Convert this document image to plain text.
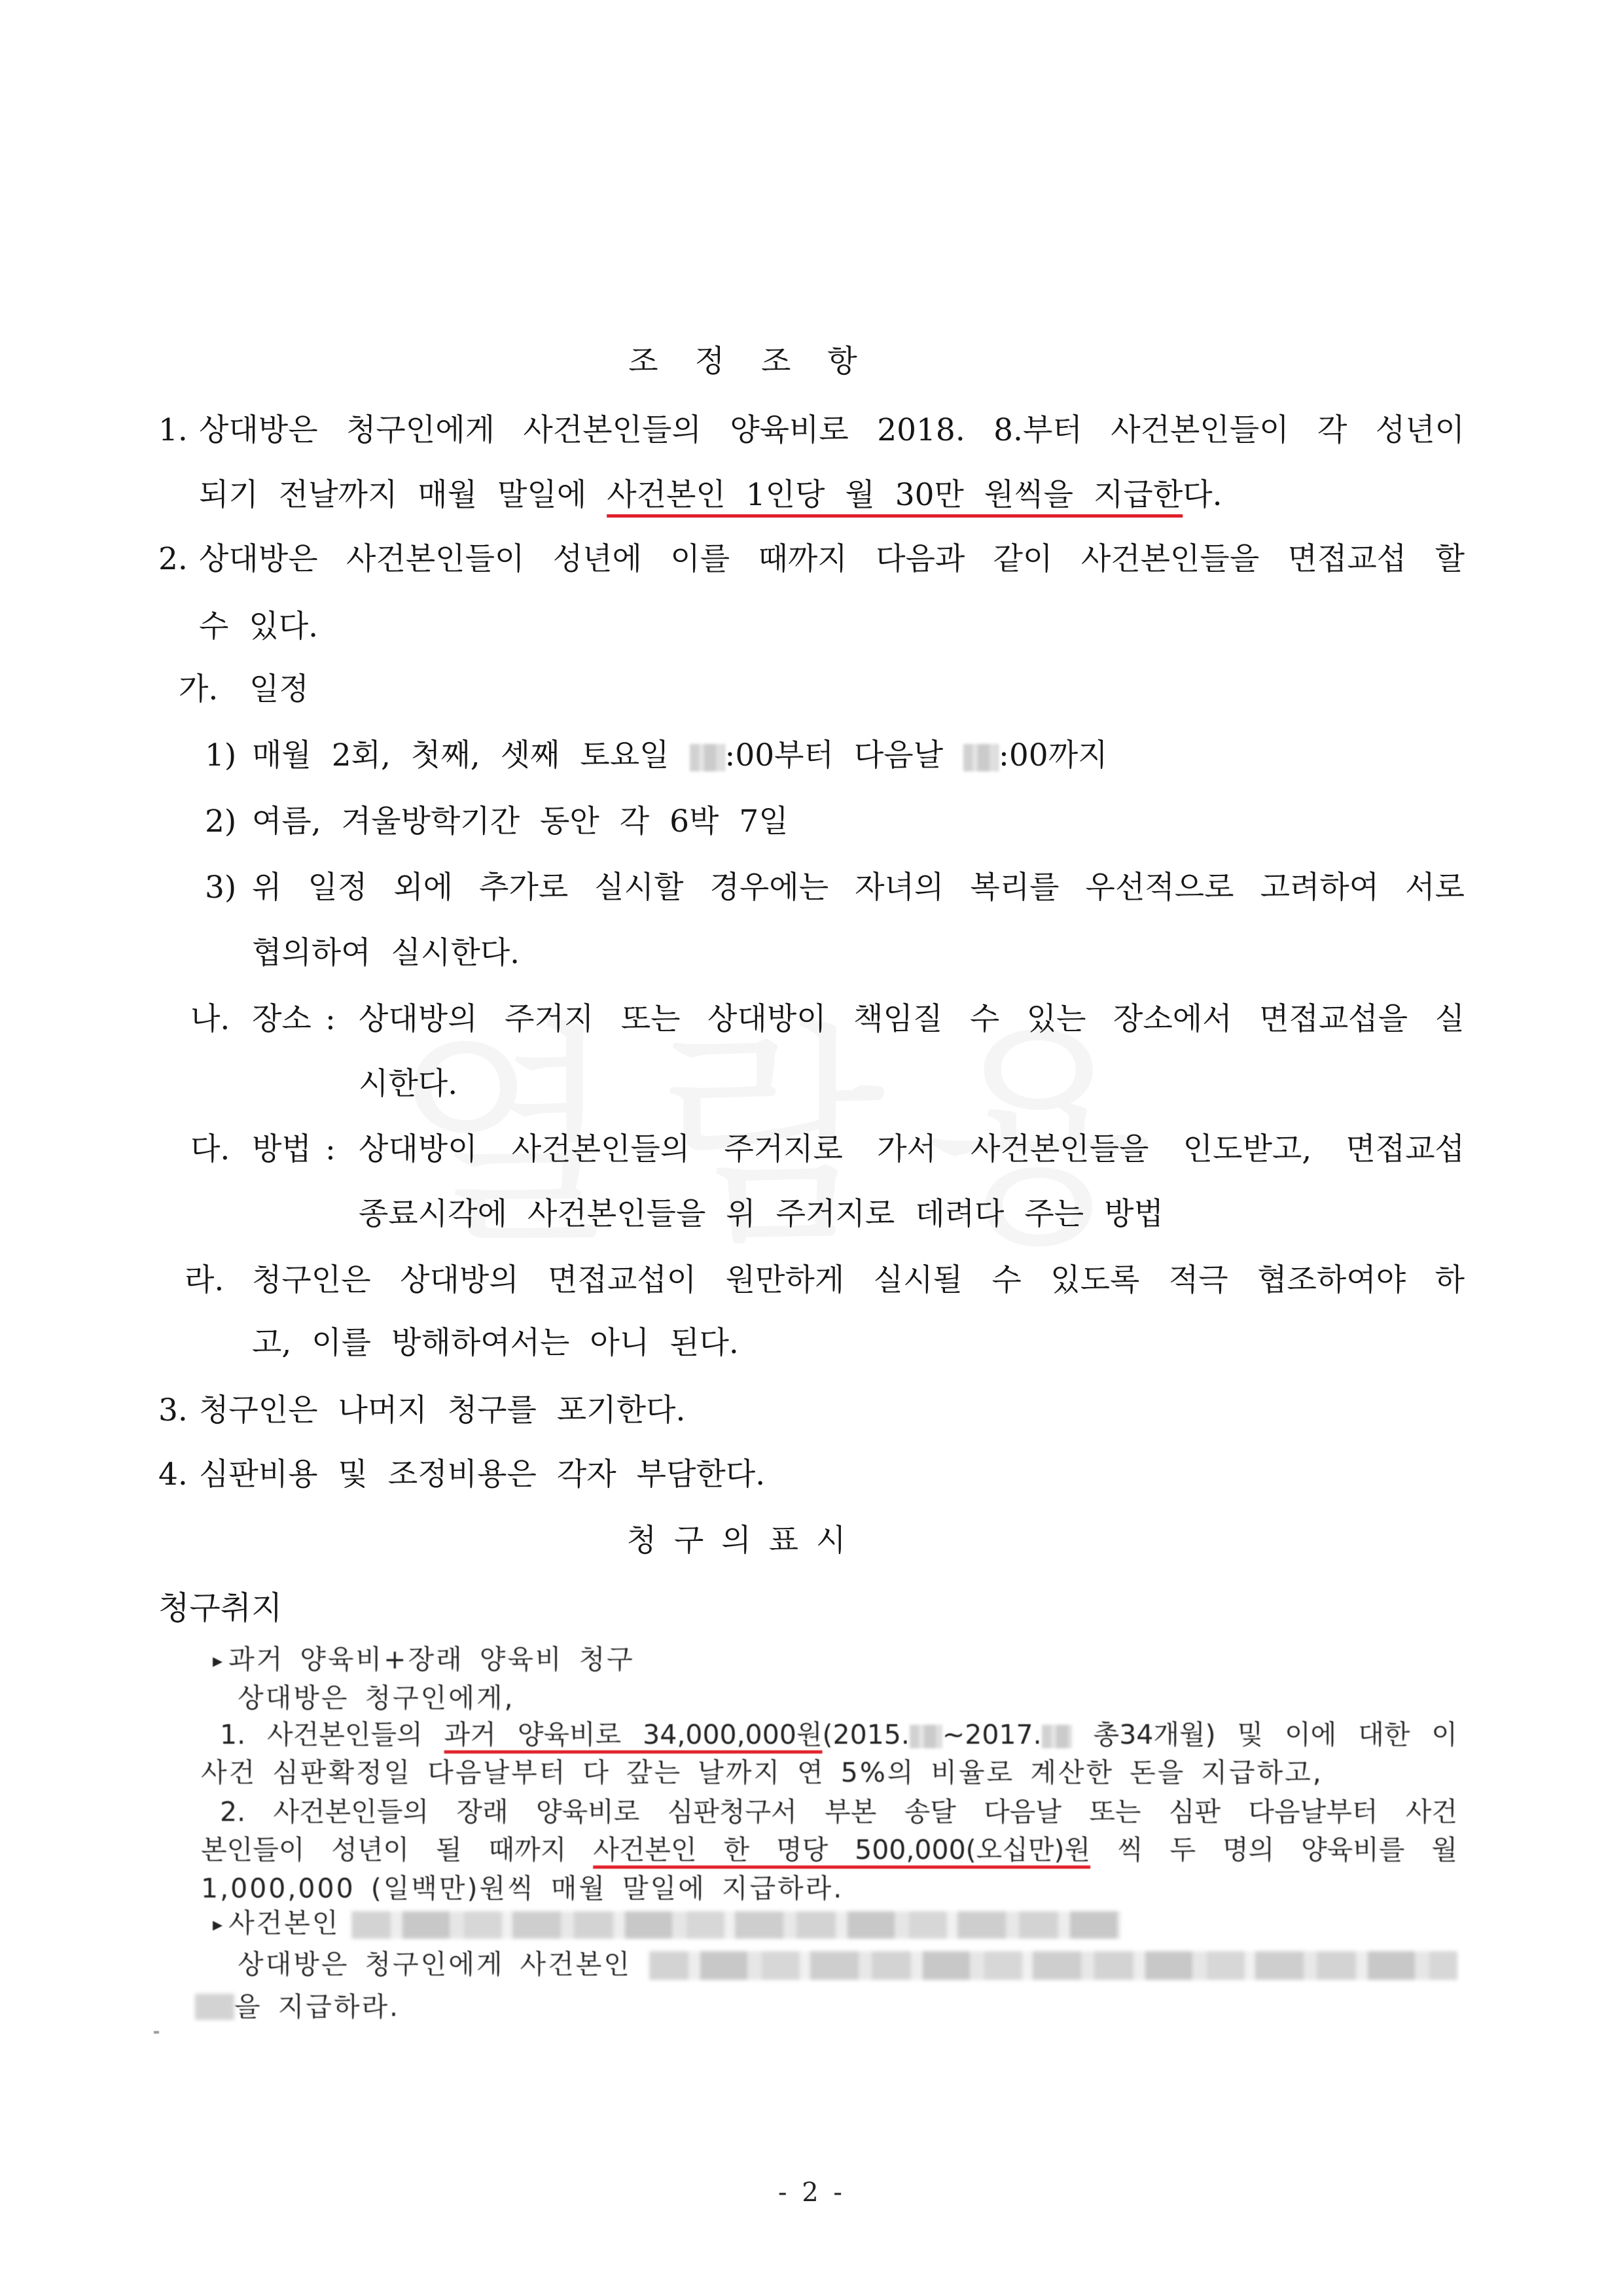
조 정 조 항
1. 상대방은 청구인에게 사건본인들의 양육비로 2018. 8.부터 사건본인들이 각 성년이
되기 전날까지 매월 말일에 사건본인 1인당 월 30만 원씩을 지급한다.
2. 상대방은 사건본인들이 성년에 이를 때까지 다음과 같이 사건본인들을 면접교섭 할
수 있다.
가. 일정
1) 매월 2회, 첫째, 셋째 토요일 :00부터 다음날 :00까지
2) 여름, 겨울방학기간 동안 각 6박 7일
3) 위 일정 외에 추가로 실시할 경우에는 자녀의 복리를 우선적으로 고려하여 서로
협의하여 실시한다.
나. 장소 : 상대방의 주거지 또는 상대방이 책임질 수 있는 장소에서 면접교섭을 실
시한다.
다. 방법 : 상대방이 사건본인들의 주거지로 가서 사건본인들을 인도받고, 면접교섭
종료시각에 사건본인들을 위 주거지로 데려다 주는 방법
라. 청구인은 상대방의 면접교섭이 원만하게 실시될 수 있도록 적극 협조하여야 하
고, 이를 방해하여서는 아니 된다.
3. 청구인은 나머지 청구를 포기한다.
4. 심판비용 및 조정비용은 각자 부담한다.
청 구 의 표 시
청구취지
▸ 과거 양육비+장래 양육비 청구
상대방은 청구인에게,
1. 사건본인들의 과거 양육비로 34,000,000원(2015. ~2017. 총34개월) 및 이에 대한 이
사건 심판확정일 다음날부터 다 갚는 날까지 연 5%의 비율로 계산한 돈을 지급하고,
2. 사건본인들의 장래 양육비로 심판청구서 부본 송달 다음날 또는 심판 다음날부터 사건
본인들이 성년이 될 때까지 사건본인 한 명당 500,000(오십만)원 씩 두 명의 양육비를 월
1,000,000 (일백만)원씩 매월 말일에 지급하라.
▸ 사건본인
상대방은 청구인에게 사건본인
을 지급하라.
- 2 -
